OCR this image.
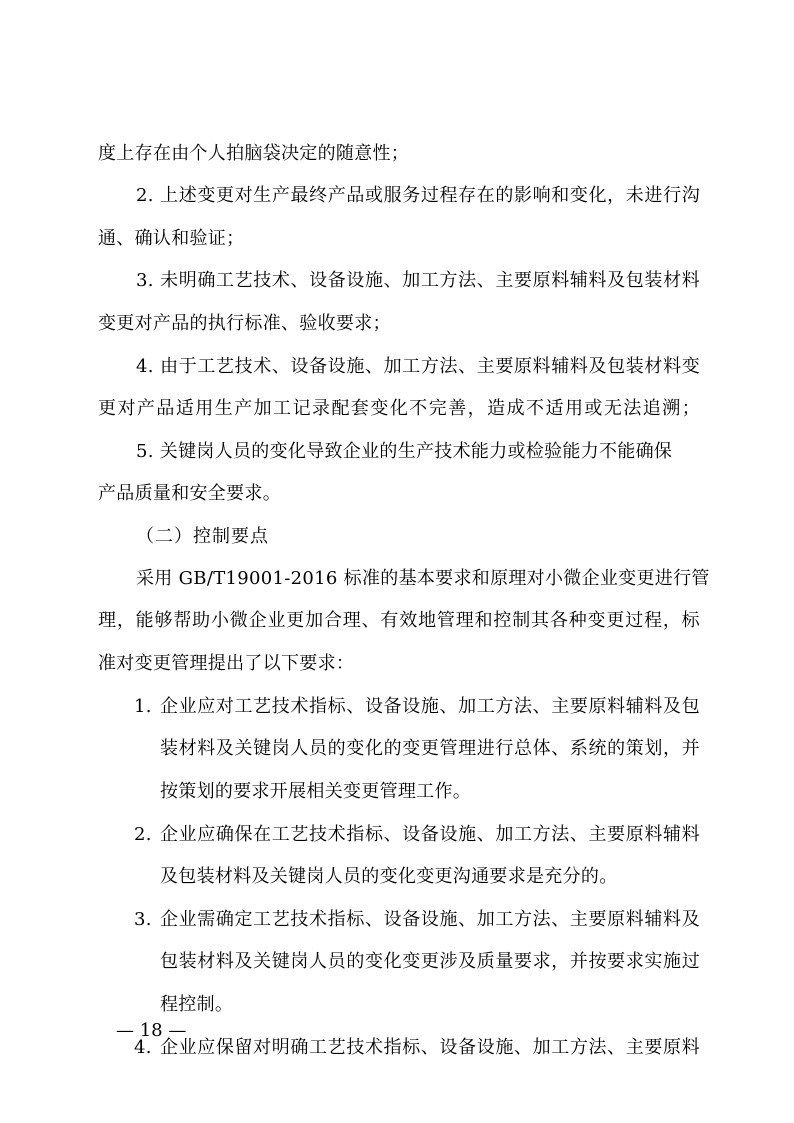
度上存在由个人拍脑袋决定的随意性；
2. 上述变更对生产最终产品或服务过程存在的影响和变化，未进行沟
通、确认和验证；
3. 未明确工艺技术、设备设施、加工方法、主要原料辅料及包装材料
变更对产品的执行标准、验收要求；
4. 由于工艺技术、设备设施、加工方法、主要原料辅料及包装材料变
更对产品适用生产加工记录配套变化不完善，造成不适用或无法追溯；
5. 关键岗人员的变化导致企业的生产技术能力或检验能力不能确保
产品质量和安全要求。
（二）控制要点
采用 GB/T19001-2016 标准的基本要求和原理对小微企业变更进行管
理，能够帮助小微企业更加合理、有效地管理和控制其各种变更过程，标
准对变更管理提出了以下要求：
1. 企业应对工艺技术指标、设备设施、加工方法、主要原料辅料及包
装材料及关键岗人员的变化的变更管理进行总体、系统的策划，并
按策划的要求开展相关变更管理工作。
2. 企业应确保在工艺技术指标、设备设施、加工方法、主要原料辅料
及包装材料及关键岗人员的变化变更沟通要求是充分的。
3. 企业需确定工艺技术指标、设备设施、加工方法、主要原料辅料及
包装材料及关键岗人员的变化变更涉及质量要求，并按要求实施过
程控制。
4. 企业应保留对明确工艺技术指标、设备设施、加工方法、主要原料
— 18 —
